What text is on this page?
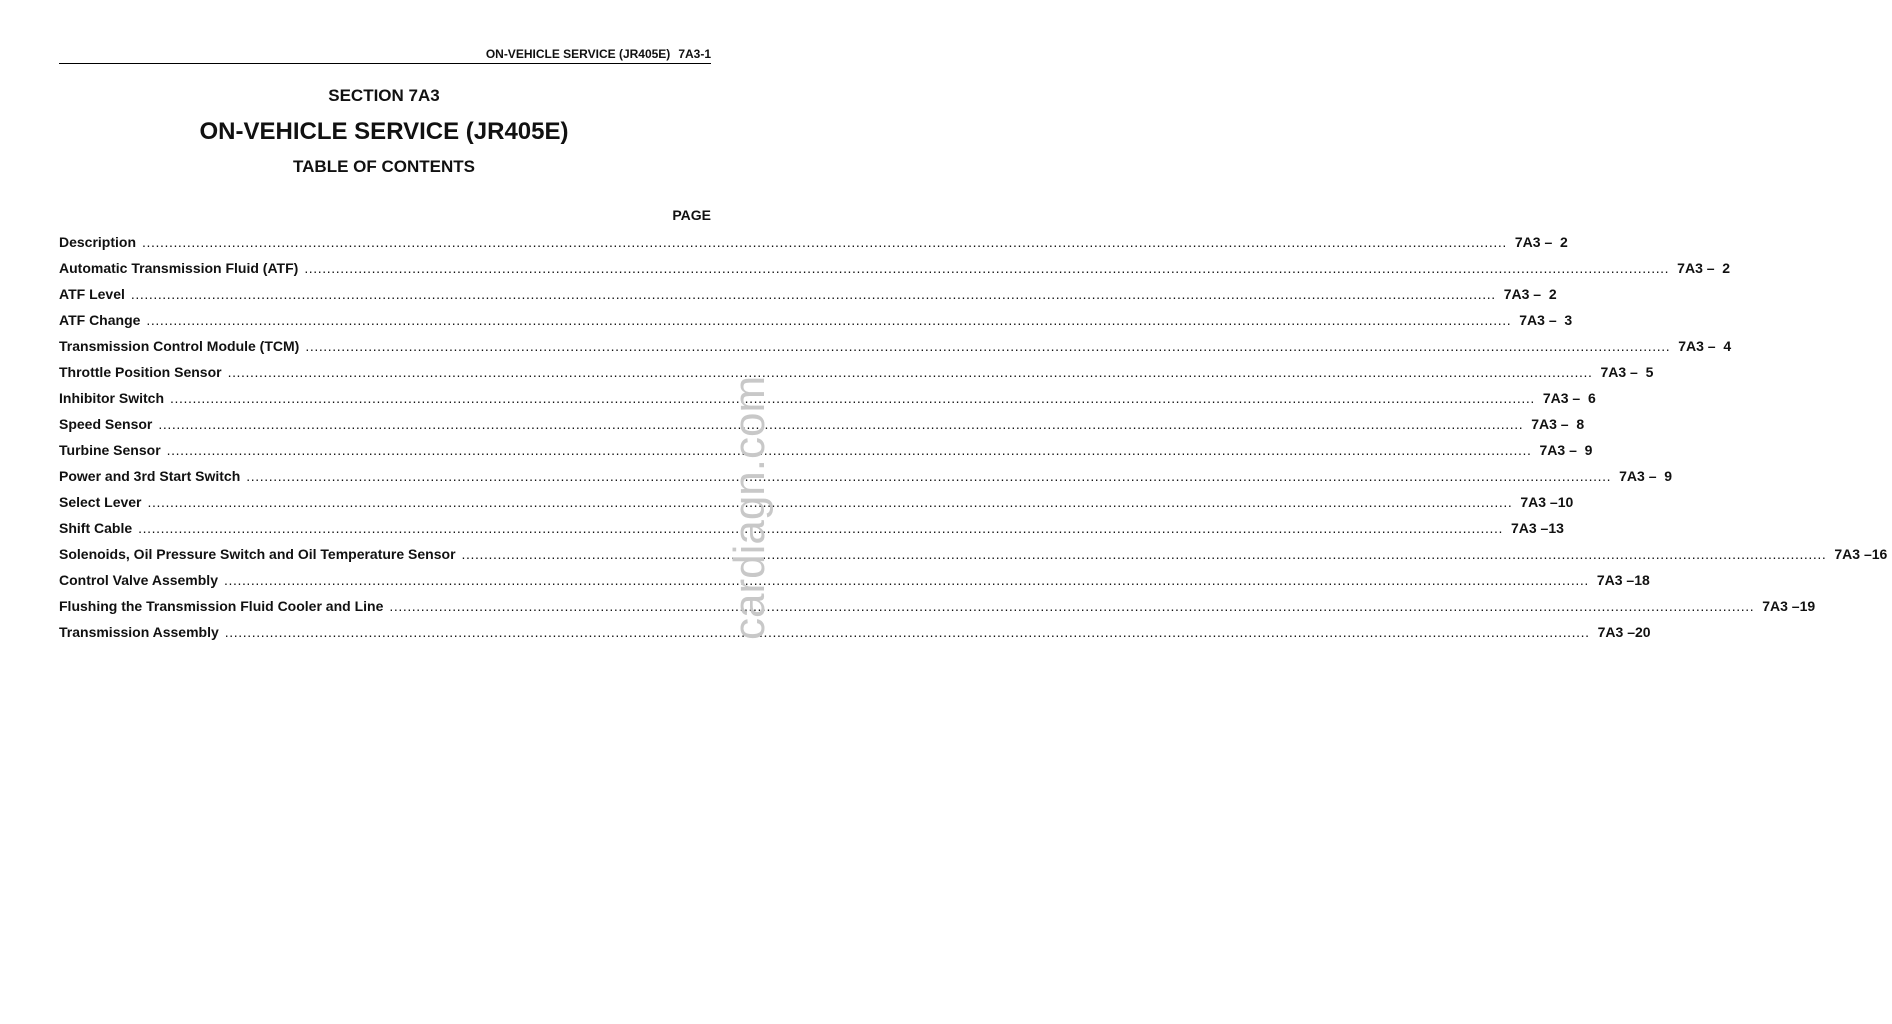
ON-VEHICLE SERVICE (JR405E) 7A3-1
SECTION 7A3
ON-VEHICLE SERVICE (JR405E)
TABLE OF CONTENTS
PAGE
Description .....	7A3 –  2
Automatic Transmission Fluid (ATF) .....	7A3 –  2
ATF Level .....	7A3 –  2
ATF Change .....	7A3 –  3
Transmission Control Module (TCM) .....	7A3 –  4
Throttle Position Sensor .....	7A3 –  5
Inhibitor Switch .....	7A3 –  6
Speed Sensor .....	7A3 –  8
Turbine Sensor .....	7A3 –  9
Power and 3rd Start Switch .....	7A3 –  9
Select Lever .....	7A3 –10
Shift Cable .....	7A3 –13
Solenoids, Oil Pressure Switch and Oil Temperature Sensor .....	7A3 –16
Control Valve Assembly .....	7A3 –18
Flushing the Transmission Fluid Cooler and Line .....	7A3 –19
Transmission Assembly .....	7A3 –20
cardiagn.com
